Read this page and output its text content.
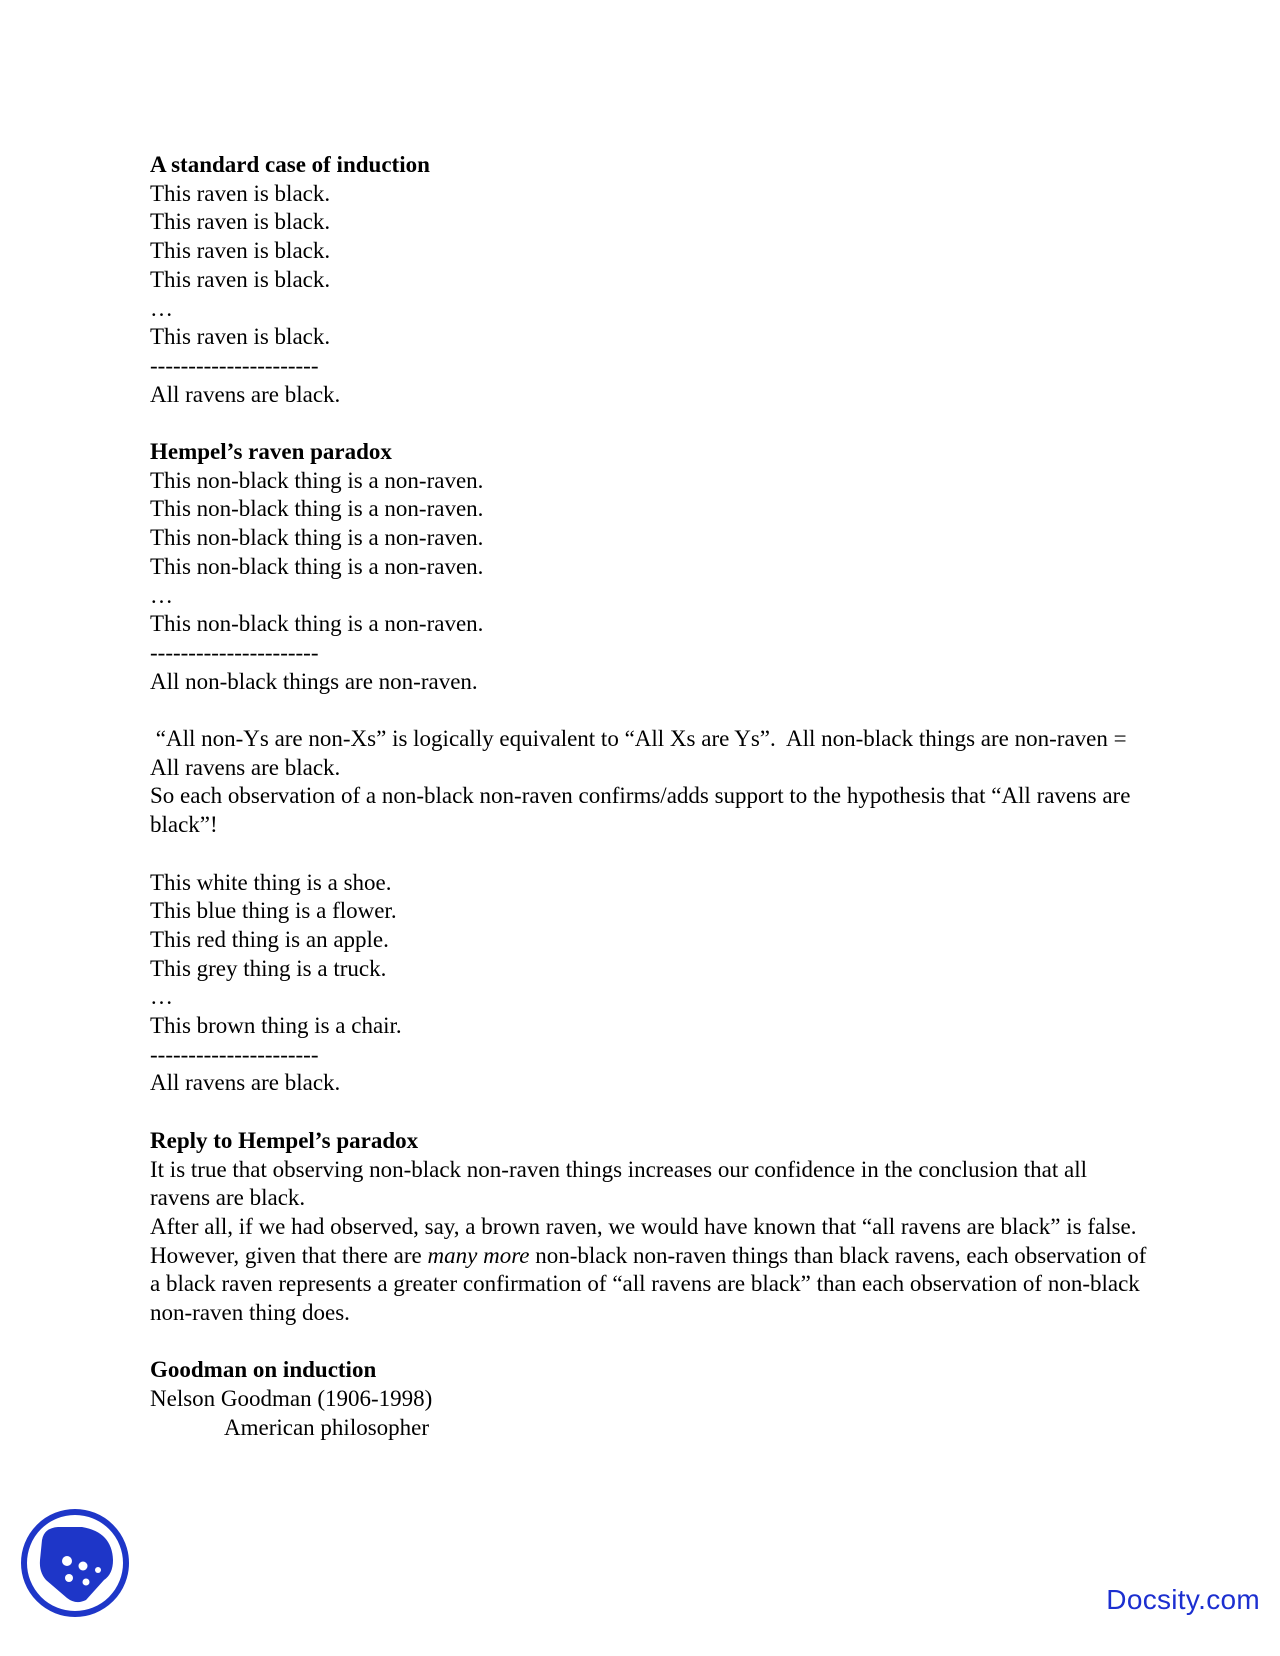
A standard case of induction
This raven is black.
This raven is black.
This raven is black.
This raven is black.
…
This raven is black.
----------------------
All ravens are black.
Hempel’s raven paradox
This non-black thing is a non-raven.
This non-black thing is a non-raven.
This non-black thing is a non-raven.
This non-black thing is a non-raven.
…
This non-black thing is a non-raven.
----------------------
All non-black things are non-raven.
“All non-Ys are non-Xs” is logically equivalent to “All Xs are Ys”.  All non-black things are non-raven = All ravens are black.
So each observation of a non-black non-raven confirms/adds support to the hypothesis that “All ravens are black”!
This white thing is a shoe.
This blue thing is a flower.
This red thing is an apple.
This grey thing is a truck.
…
This brown thing is a chair.
----------------------
All ravens are black.
Reply to Hempel’s paradox
It is true that observing non-black non-raven things increases our confidence in the conclusion that all ravens are black.
After all, if we had observed, say, a brown raven, we would have known that “all ravens are black” is false.
However, given that there are many more non-black non-raven things than black ravens, each observation of a black raven represents a greater confirmation of “all ravens are black” than each observation of non-black non-raven thing does.
Goodman on induction
Nelson Goodman (1906-1998)
American philosopher
Docsity.com
